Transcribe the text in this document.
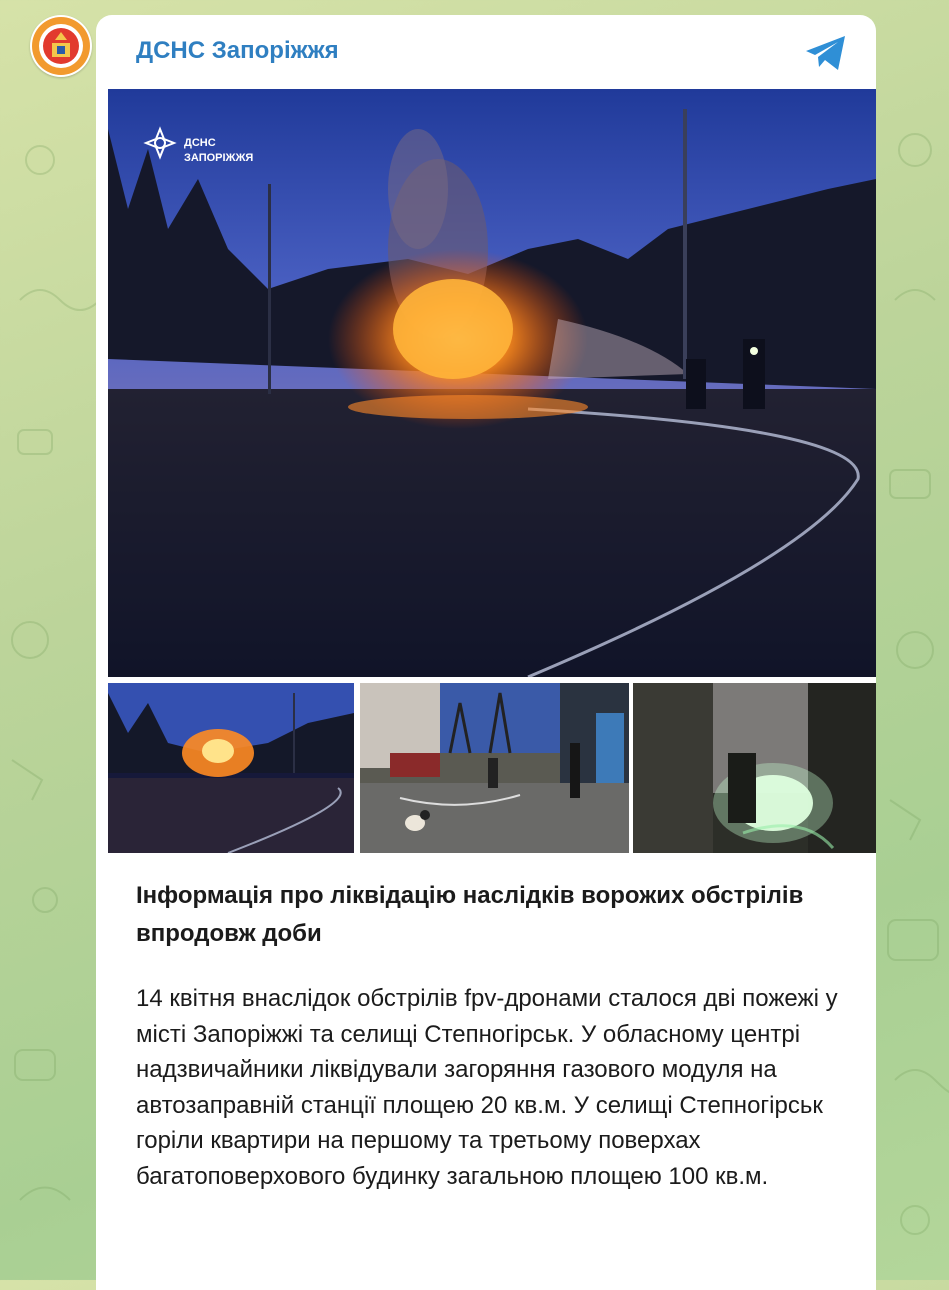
ДСНС Запоріжжя
ДСНС
ЗАПОРІЖЖЯ
Інформація про ліквідацію наслідків ворожих обстрілів впродовж доби
14 квітня внаслідок обстрілів fpv-дронами сталося дві пожежі у місті Запоріжжі та селищі Степногірськ. У обласному центрі надзвичайники ліквідували загоряння газового модуля на автозаправній станції площею 20 кв.м. У селищі Степногірськ горіли квартири на першому та третьому поверхах багатоповерхового будинку загальною площею 100 кв.м.
